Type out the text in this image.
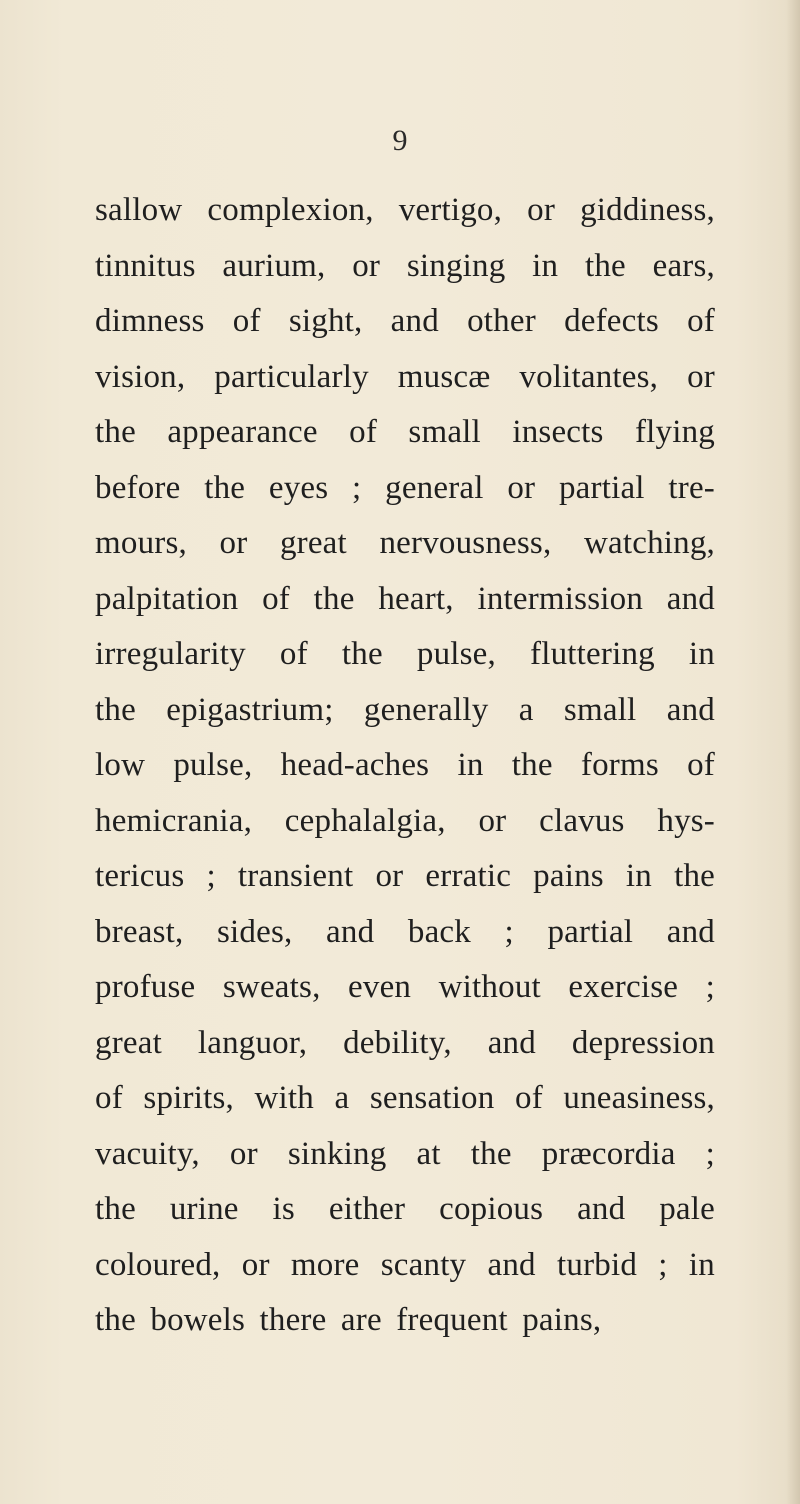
9
sallow complexion, vertigo, or giddiness,
tinnitus aurium, or singing in the ears,
dimness of sight, and other defects of
vision, particularly muscæ volitantes, or
the appearance of small insects flying
before the eyes ; general or partial tre-
mours, or great nervousness, watching,
palpitation of the heart, intermission and
irregularity of the pulse, fluttering in
the epigastrium; generally a small and
low pulse, head-aches in the forms of
hemicrania, cephalalgia, or clavus hys-
tericus ; transient or erratic pains in the
breast, sides, and back ; partial and
profuse sweats, even without exercise ;
great languor, debility, and depression
of spirits, with a sensation of uneasiness,
vacuity, or sinking at the præcordia ;
the urine is either copious and pale
coloured, or more scanty and turbid ; in
the bowels there are frequent pains,
